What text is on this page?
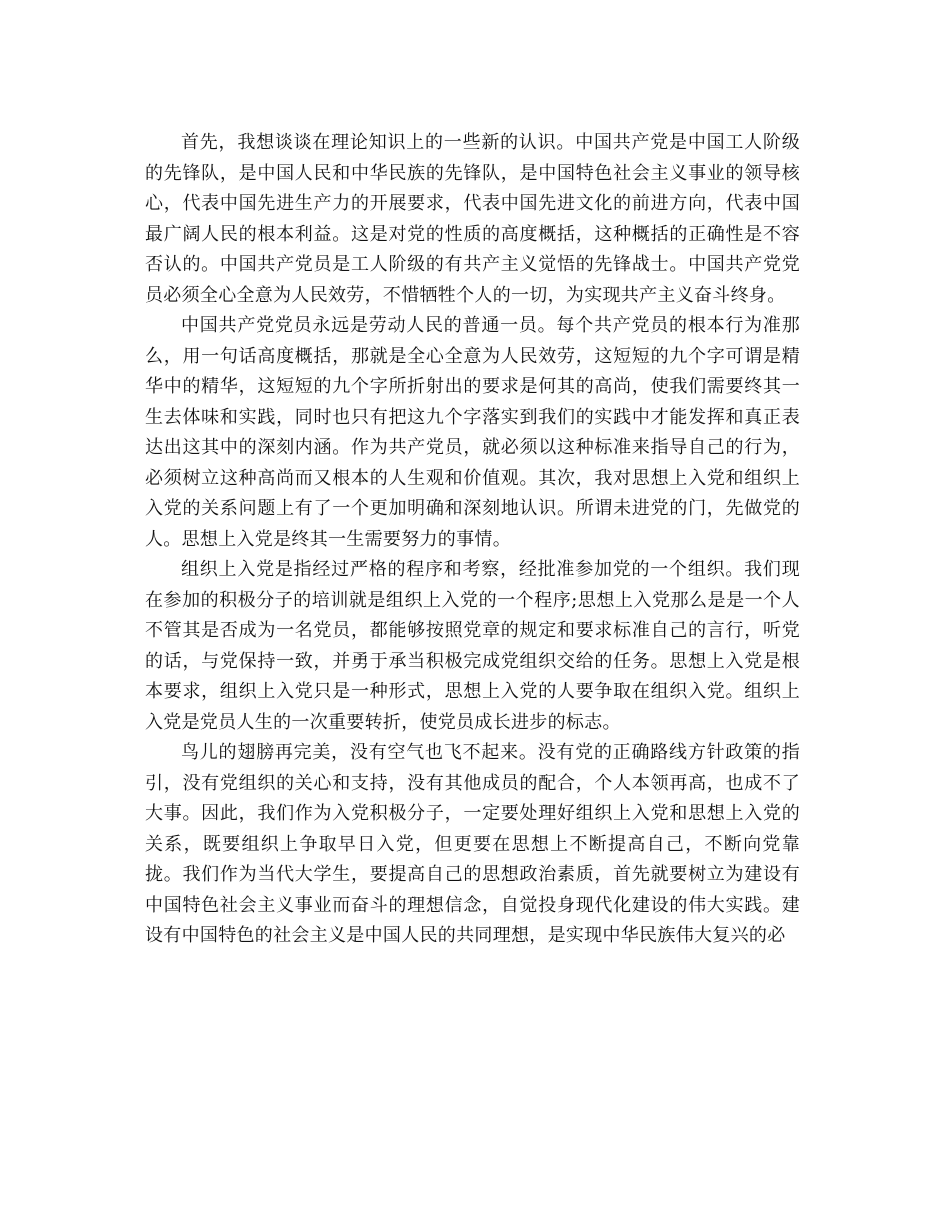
首先，我想谈谈在理论知识上的一些新的认识。中国共产党是中国工人阶级的先锋队，是中国人民和中华民族的先锋队，是中国特色社会主义事业的领导核心，代表中国先进生产力的开展要求，代表中国先进文化的前进方向，代表中国最广阔人民的根本利益。这是对党的性质的高度概括，这种概括的正确性是不容否认的。中国共产党员是工人阶级的有共产主义觉悟的先锋战士。中国共产党党员必须全心全意为人民效劳，不惜牺牲个人的一切，为实现共产主义奋斗终身。

中国共产党党员永远是劳动人民的普通一员。每个共产党员的根本行为准那么，用一句话高度概括，那就是全心全意为人民效劳，这短短的九个字可谓是精华中的精华，这短短的九个字所折射出的要求是何其的高尚，使我们需要终其一生去体味和实践，同时也只有把这九个字落实到我们的实践中才能发挥和真正表达出这其中的深刻内涵。作为共产党员，就必须以这种标准来指导自己的行为，必须树立这种高尚而又根本的人生观和价值观。其次，我对思想上入党和组织上入党的关系问题上有了一个更加明确和深刻地认识。所谓未进党的门，先做党的人。思想上入党是终其一生需要努力的事情。

组织上入党是指经过严格的程序和考察，经批准参加党的一个组织。我们现在参加的积极分子的培训就是组织上入党的一个程序;思想上入党那么是是一个人不管其是否成为一名党员，都能够按照党章的规定和要求标准自己的言行，听党的话，与党保持一致，并勇于承当积极完成党组织交给的任务。思想上入党是根本要求，组织上入党只是一种形式，思想上入党的人要争取在组织入党。组织上入党是党员人生的一次重要转折，使党员成长进步的标志。

鸟儿的翅膀再完美，没有空气也飞不起来。没有党的正确路线方针政策的指引，没有党组织的关心和支持，没有其他成员的配合，个人本领再高，也成不了大事。因此，我们作为入党积极分子，一定要处理好组织上入党和思想上入党的关系，既要组织上争取早日入党，但更要在思想上不断提高自己，不断向党靠拢。我们作为当代大学生，要提高自己的思想政治素质，首先就要树立为建设有中国特色社会主义事业而奋斗的理想信念，自觉投身现代化建设的伟大实践。建设有中国特色的社会主义是中国人民的共同理想，是实现中华民族伟大复兴的必
